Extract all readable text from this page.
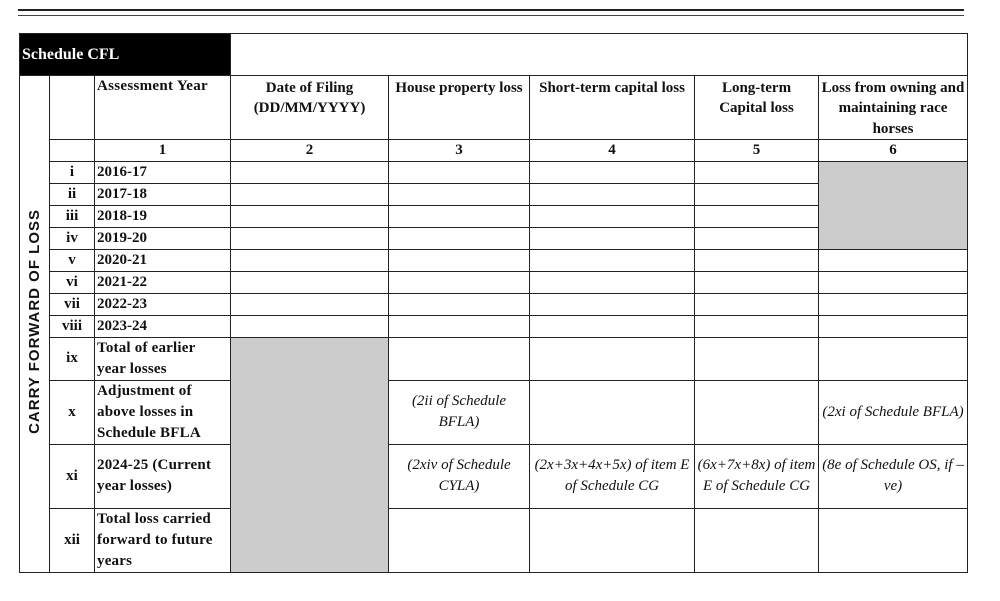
Schedule CFL							
CARRY FORWARD OF LOSS		Assessment Year	Date of Filing (DD/MM/YYYY)	House property loss	Short-term capital loss	Long-term Capital loss	Loss from owning and maintaining race horses
		1	2	3	4	5	6
	i	2016-17					
	ii	2017-18					
	iii	2018-19					
	iv	2019-20					
	v	2020-21					
	vi	2021-22					
	vii	2022-23					
	viii	2023-24					
	ix	Total of earlier year losses					
	x	Adjustment of above losses in Schedule BFLA		(2ii of Schedule BFLA)			(2xi of Schedule BFLA)
	xi	2024-25 (Current year losses)		(2xiv of Schedule CYLA)	(2x+3x+4x+5x) of item E of Schedule CG	(6x+7x+8x) of item E of Schedule CG	(8e of Schedule OS, if –ve)
	xii	Total loss carried forward to future years					
